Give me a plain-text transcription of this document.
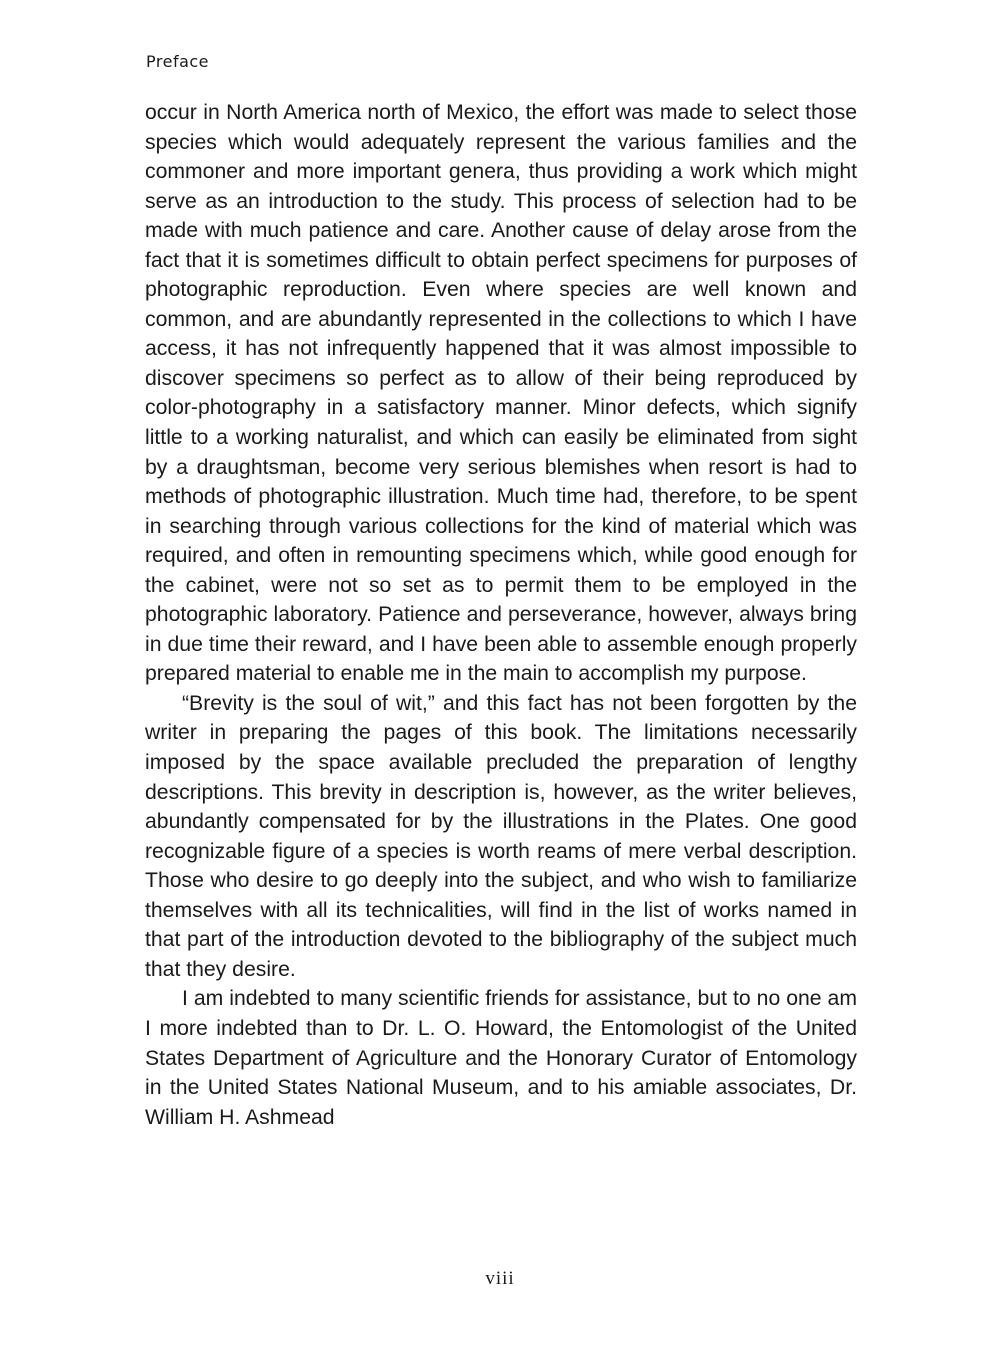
Preface

occur in North America north of Mexico, the effort was made to select those species which would adequately represent the various families and the commoner and more important genera, thus providing a work which might serve as an introduction to the study. This process of selection had to be made with much patience and care. Another cause of delay arose from the fact that it is sometimes difficult to obtain perfect specimens for purposes of photographic reproduction. Even where species are well known and common, and are abundantly represented in the collections to which I have access, it has not infrequently happened that it was almost impossible to discover specimens so perfect as to allow of their being reproduced by color-photography in a satisfactory manner. Minor defects, which signify little to a working naturalist, and which can easily be eliminated from sight by a draughtsman, become very serious blemishes when resort is had to methods of photographic illustration. Much time had, therefore, to be spent in searching through various collections for the kind of material which was required, and often in remounting specimens which, while good enough for the cabinet, were not so set as to permit them to be employed in the photographic laboratory. Patience and perseverance, however, always bring in due time their reward, and I have been able to assemble enough properly prepared material to enable me in the main to accomplish my purpose.

“Brevity is the soul of wit,” and this fact has not been forgotten by the writer in preparing the pages of this book. The limitations necessarily imposed by the space available precluded the preparation of lengthy descriptions. This brevity in description is, however, as the writer believes, abundantly compensated for by the illustrations in the Plates. One good recognizable figure of a species is worth reams of mere verbal description. Those who desire to go deeply into the subject, and who wish to familiarize themselves with all its technicalities, will find in the list of works named in that part of the introduction devoted to the bibliography of the subject much that they desire.

I am indebted to many scientific friends for assistance, but to no one am I more indebted than to Dr. L. O. Howard, the Entomologist of the United States Department of Agriculture and the Honorary Curator of Entomology in the United States National Museum, and to his amiable associates, Dr. William H. Ashmead

viii
